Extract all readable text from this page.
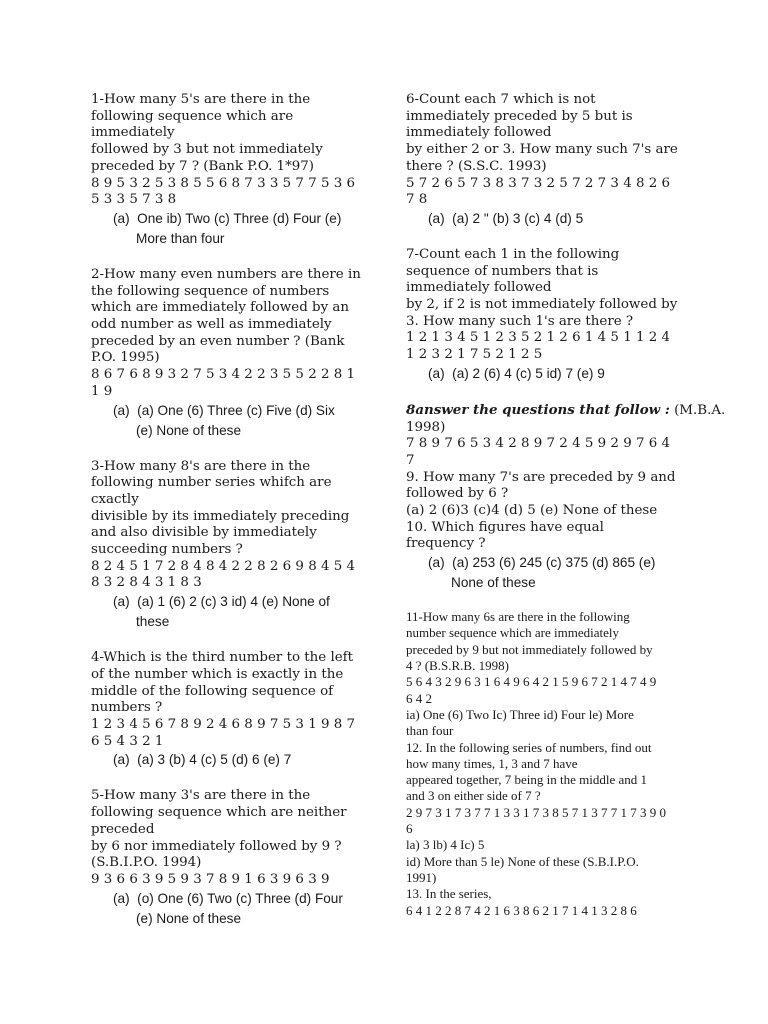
1-How many 5's are there in the
following sequence which are
immediately
followed by 3 but not immediately
preceded by 7 ? (Bank P.O. 1*97)
8 9 5 3 2 5 3 8 5 5 6 8 7 3 3 5 7 7 5 3 6
5 3 3 5 7 3 8
(a)  One ib) Two (c) Three (d) Four (e)
More than four
2-How many even numbers are there in
the following sequence of numbers
which are immediately followed by an
odd number as well as immediately
preceded by an even number ? (Bank
P.O. 1995)
8 6 7 6 8 9 3 2 7 5 3 4 2 2 3 5 5 2 2 8 1
1 9
(a)  (a) One (6) Three (c) Five (d) Six
(e) None of these
3-How many 8's are there in the
following number series whifch are
cxactly
divisible by its immediately preceding
and also divisible by immediately
succeeding numbers ?
8 2 4 5 1 7 2 8 4 8 4 2 2 8 2 6 9 8 4 5 4
8 3 2 8 4 3 1 8 3
(a)  (a) 1 (6) 2 (c) 3 id) 4 (e) None of
these
4-Which is the third number to the left
of the number which is exactly in the
middle of the following sequence of
numbers ?
1 2 3 4 5 6 7 8 9 2 4 6 8 9 7 5 3 1 9 8 7
6 5 4 3 2 1
(a)  (a) 3 (b) 4 (c) 5 (d) 6 (e) 7
5-How many 3's are there in the
following sequence which are neither
preceded
by 6 nor immediately followed by 9 ?
(S.B.I.P.O. 1994)
9 3 6 6 3 9 5 9 3 7 8 9 1 6 3 9 6 3 9
(a)  (o) One (6) Two (c) Three (d) Four
(e) None of these
6-Count each 7 which is not
immediately preceded by 5 but is
immediately followed
by either 2 or 3. How many such 7's are
there ? (S.S.C. 1993)
5 7 2 6 5 7 3 8 3 7 3 2 5 7 2 7 3 4 8 2 6
7 8
(a)  (a) 2 " (b) 3 (c) 4 (d) 5
7-Count each 1 in the following
sequence of numbers that is
immediately followed
by 2, if 2 is not immediately followed by
3. How many such 1's are there ?
1 2 1 3 4 5 1 2 3 5 2 1 2 6 1 4 5 1 1 2 4
1 2 3 2 1 7 5 2 1 2 5
(a)  (a) 2 (6) 4 (c) 5 id) 7 (e) 9
8answer the questions that follow : (M.B.A.
1998)
7 8 9 7 6 5 3 4 2 8 9 7 2 4 5 9 2 9 7 6 4
7
9. How many 7's are preceded by 9 and
followed by 6 ?
(a) 2 (6)3 (c)4 (d) 5 (e) None of these
10. Which figures have equal
frequency ?
(a)  (a) 253 (6) 245 (c) 375 (d) 865 (e)
None of these
11-How many 6s are there in the following
number sequence which are immediately
preceded by 9 but not immediately followed by
4 ? (B.S.R.B. 1998)
5 6 4 3 2 9 6 3 1 6 4 9 6 4 2 1 5 9 6 7 2 1 4 7 4 9
6 4 2
ia) One (6) Two Ic) Three id) Four le) More
than four
12. In the following series of numbers, find out
how many times, 1, 3 and 7 have
appeared together, 7 being in the middle and 1
and 3 on either side of 7 ?
2 9 7 3 1 7 3 7 7 1 3 3 1 7 3 8 5 7 1 3 7 7 1 7 3 9 0
6
la) 3 lb) 4 Ic) 5
id) More than 5 le) None of these (S.B.I.P.O.
1991)
13. In the series,
6 4 1 2 2 8 7 4 2 1 6 3 8 6 2 1 7 1 4 1 3 2 8 6
